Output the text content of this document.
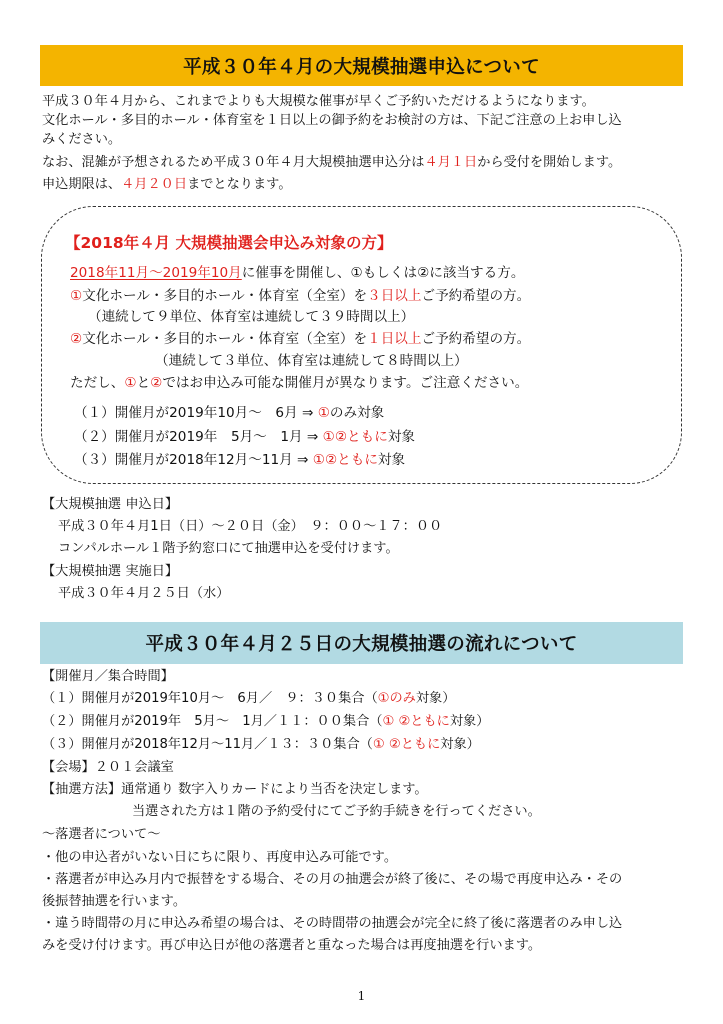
平成３０年４月の大規模抽選申込について
平成３０年４月から、これまでよりも大規模な催事が早くご予約いただけるようになります。
文化ホール・多目的ホール・体育室を１日以上の御予約をお検討の方は、下記ご注意の上お申し込
みください。
なお、混雑が予想されるため平成３０年４月大規模抽選申込分は４月１日から受付を開始します。
申込期限は、４月２０日までとなります。
【2018年４月 大規模抽選会申込み対象の方】
2018年11月～2019年10月に催事を開催し、①もしくは②に該当する方。
①文化ホール・多目的ホール・体育室（全室）を３日以上ご予約希望の方。
（連続して９単位、体育室は連続して３９時間以上）
②文化ホール・多目的ホール・体育室（全室）を１日以上ご予約希望の方。
（連続して３単位、体育室は連続して８時間以上）
ただし、①と②ではお申込み可能な開催月が異なります。ご注意ください。
（１）開催月が2019年10月～　6月 ⇒ ①のみ対象
（２）開催月が2019年　5月～　1月 ⇒ ①②ともに対象
（３）開催月が2018年12月～11月 ⇒ ①②ともに対象
【大規模抽選 申込日】
平成３０年４月1日（日）～２０日（金）　９：００～１７：００
コンパルホール１階予約窓口にて抽選申込を受付けます。
【大規模抽選 実施日】
平成３０年４月２５日（水）
平成３０年４月２５日の大規模抽選の流れについて
【開催月／集合時間】
（１）開催月が2019年10月～　6月／　９：３０集合（①のみ対象）
（２）開催月が2019年　5月～　1月／１１：００集合（① ②ともに対象）
（３）開催月が2018年12月～11月／１３：３０集合（① ②ともに対象）
【会場】２０１会議室
【抽選方法】通常通り 数字入りカードにより当否を決定します。
当選された方は１階の予約受付にてご予約手続きを行ってください。
～落選者について～
・他の申込者がいない日にちに限り、再度申込み可能です。
・落選者が申込み月内で振替をする場合、その月の抽選会が終了後に、その場で再度申込み・その
後振替抽選を行います。
・違う時間帯の月に申込み希望の場合は、その時間帯の抽選会が完全に終了後に落選者のみ申し込
みを受け付けます。再び申込日が他の落選者と重なった場合は再度抽選を行います。
1
